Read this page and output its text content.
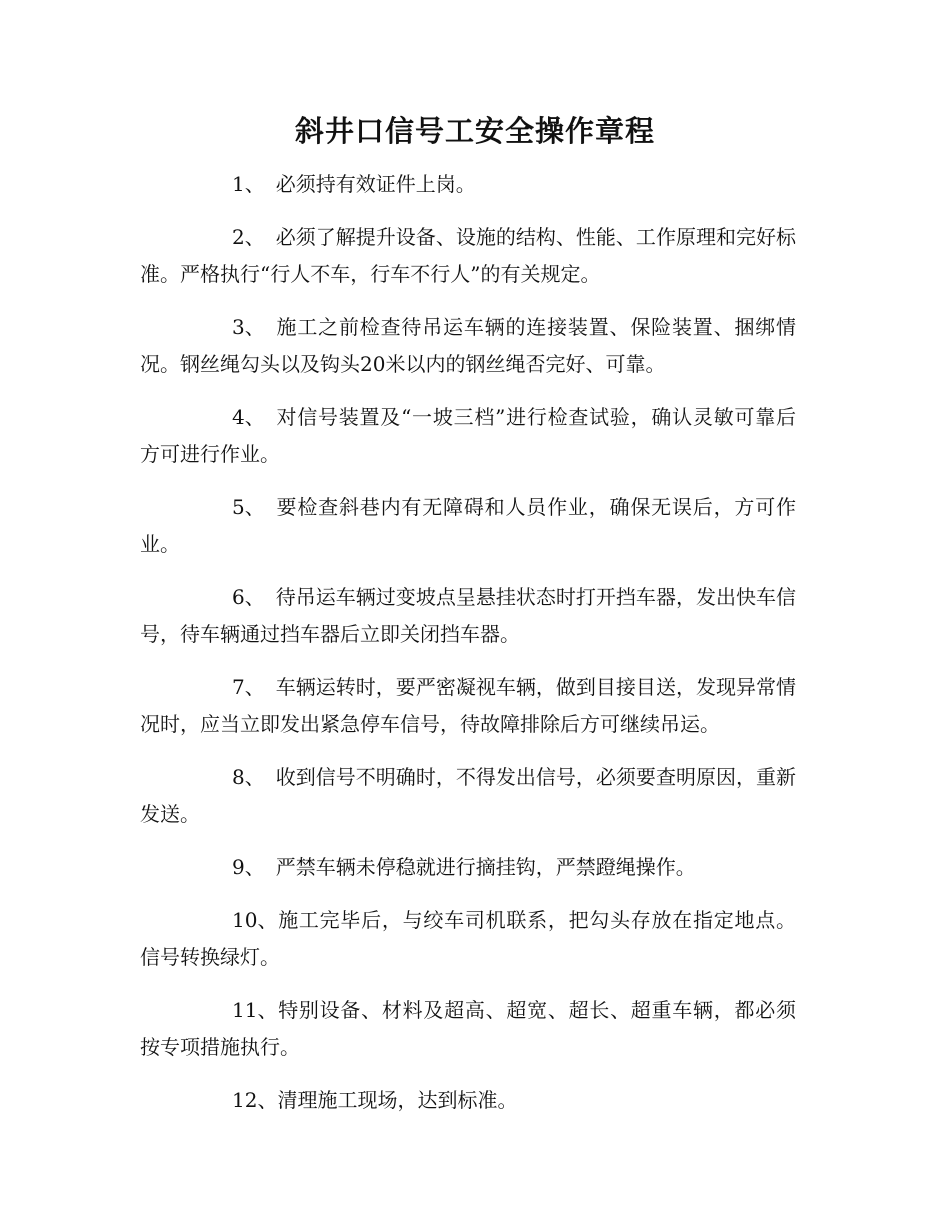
斜井口信号工安全操作章程

1、 必须持有效证件上岗。

2、 必须了解提升设备、设施的结构、性能、工作原理和完好标准。严格执行“行人不车，行车不行人”的有关规定。

3、 施工之前检查待吊运车辆的连接装置、保险装置、捆绑情况。钢丝绳勾头以及钩头20米以内的钢丝绳否完好、可靠。

4、 对信号装置及“一坡三档”进行检查试验，确认灵敏可靠后方可进行作业。

5、 要检查斜巷内有无障碍和人员作业，确保无误后，方可作业。

6、 待吊运车辆过变坡点呈悬挂状态时打开挡车器，发出快车信号，待车辆通过挡车器后立即关闭挡车器。

7、 车辆运转时，要严密凝视车辆，做到目接目送，发现异常情况时，应当立即发出紧急停车信号，待故障排除后方可继续吊运。

8、 收到信号不明确时，不得发出信号，必须要查明原因，重新发送。

9、 严禁车辆未停稳就进行摘挂钩，严禁蹬绳操作。

10、施工完毕后，与绞车司机联系，把勾头存放在指定地点。信号转换绿灯。

11、特别设备、材料及超高、超宽、超长、超重车辆，都必须按专项措施执行。

12、清理施工现场，达到标准。
